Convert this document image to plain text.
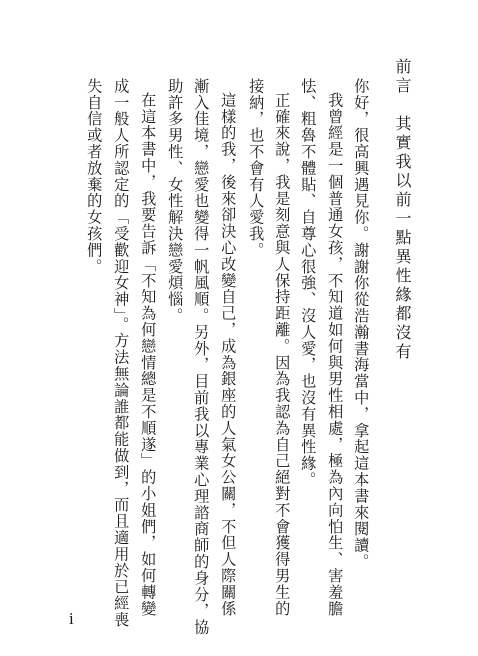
前言　其實我以前一點異性緣都沒有
你好，很高興遇見你。謝謝你從浩瀚書海當中，拿起這本書來閱讀。
我曾經是一個普通女孩，不知道如何與男性相處，極為內向怕生、害羞膽
怯、粗魯不體貼、自尊心很強、沒人愛，也沒有異性緣。
正確來說，我是刻意與人保持距離。因為我認為自己絕對不會獲得男生的
接納，也不會有人愛我。
這樣的我，後來卻決心改變自己，成為銀座的人氣女公關，不但人際關係
漸入佳境，戀愛也變得一帆風順。另外，目前我以專業心理諮商師的身分，協
助許多男性、女性解決戀愛煩惱。
在這本書中，我要告訴「不知為何戀情總是不順遂」的小姐們，如何轉變
成一般人所認定的「受歡迎女神」。方法無論誰都能做到，而且適用於已經喪
失自信或者放棄的女孩們。
i
